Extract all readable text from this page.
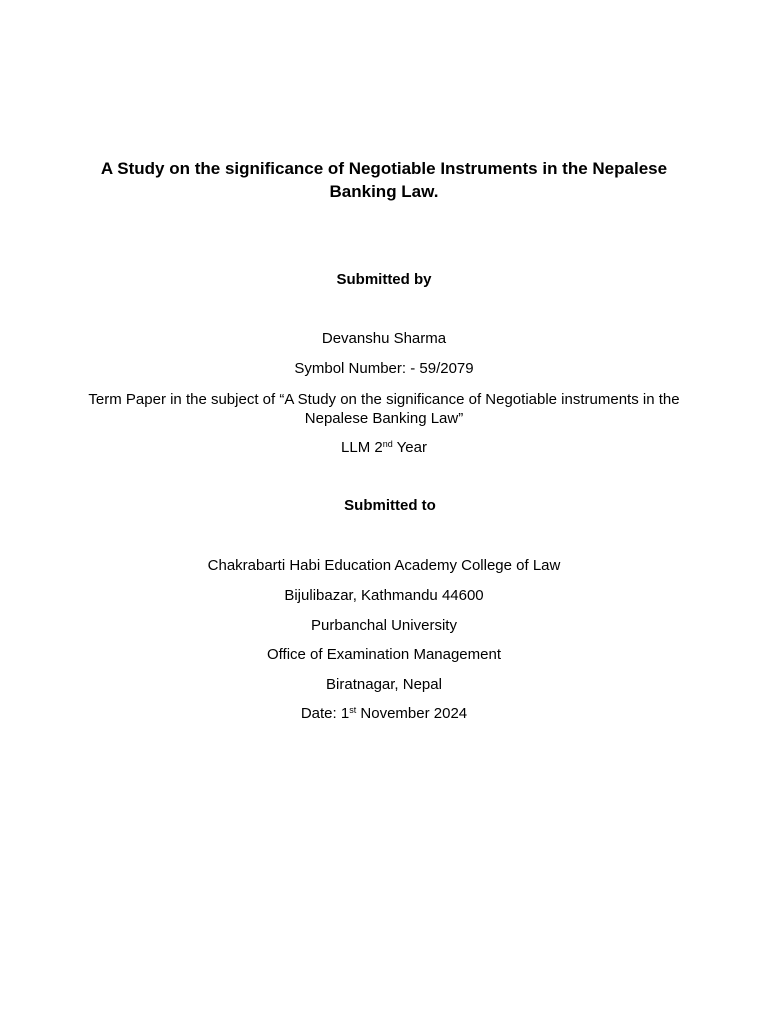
A Study on the significance of Negotiable Instruments in the Nepalese Banking Law.
Submitted by
Devanshu Sharma
Symbol Number: - 59/2079
Term Paper in the subject of “A Study on the significance of Negotiable instruments in the Nepalese Banking Law”
LLM 2nd Year
Submitted to
Chakrabarti Habi Education Academy College of Law
Bijulibazar, Kathmandu 44600
Purbanchal University
Office of Examination Management
Biratnagar, Nepal
Date: 1st November 2024
